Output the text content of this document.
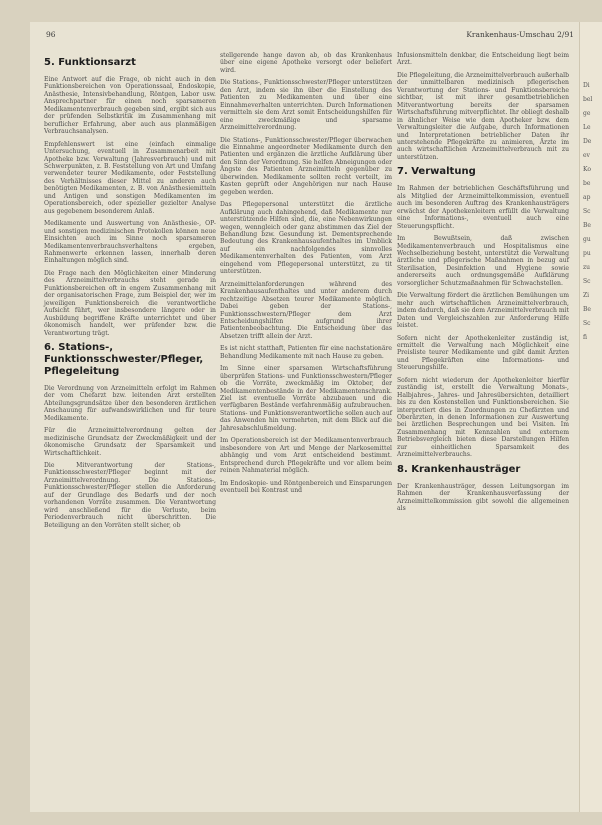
96	Krankenhaus-Umschau 2/91
5. Funktionsarzt

Eine Antwort auf die Frage, ob nicht auch in den Funktionsbereichen von Operationssaal, Endoskopie, Anästhesie, Intensivbehandlung, Röntgen, Labor usw. Ansprechpartner für einen noch sparsameren Medikamentenverbrauch gegeben sind, ergibt sich aus der prüfenden Selbstkritik im Zusammenhang mit beruflicher Erfahrung, aber auch aus planmäßigen Verbrauchsanalysen.

Empfehlenswert ist eine (einfach einmalige Untersuchung, eventuell in Zusammenarbeit mit Apotheke bzw. Verwaltung (Jahresverbrauch) und mit Schwerpunkten, z. B. Feststellung von Art und Umfang verwendeter teurer Medikamente, oder Feststellung des Verhältnisses dieser Mittel zu anderen auch benötigten Medikamenten, z. B. von Anästhesiemitteln und Antigen und sonstigen Medikamenten im Operationsbereich, oder spezieller gezielter Analyse aus gegebenem besonderem Anlaß.

Medikamente und Auswertung von Anästhesie-, OP- und sonstigen medizinischen Protokollen können neue Einsichten auch im Sinne noch sparsameren Medikamentenverbrauchsverhaltens ergeben, Rahmenwerte erkennen lassen, innerhalb deren Einhaltungen möglich sind.

Die Frage nach den Möglichkeiten einer Minderung des Arzneimittelverbrauchs steht gerade in Funktionsbereichen oft in engem Zusammenhang mit der organisatorischen Frage, zum Beispiel der, wer im jeweiligen Funktionsbereich die verantwortliche Aufsicht führt, wer insbesondere längere oder in Ausbildung begriffene Kräfte unterrichtet und über ökonomisch handelt, wer prüfender bzw. die Verantwortung trägt.

6. Stations-, Funktionsschwester/Pfleger, Pflegeleitung

Die Verordnung von Arzneimitteln erfolgt im Rahmen der vom Chefarzt bzw. leitenden Arzt erstellten Abteilungsgrundsätze über den besonderen ärztlichen Anschauung für aufwandswirklichen und für teure Medikamente.

Für die Arzneimittelverordnung gelten der medizinische Grundsatz der Zweckmäßigkeit und der ökonomische Grundsatz der Sparsamkeit und Wirtschaftlichkeit.

Die Mitverantwortung der Stations-, Funktionsschwester/Pfleger beginnt mit der Arzneimittelverordnung. Die Stations-, Funktionsschwester/Pfleger stellen die Anforderung auf der Grundlage des Bedarfs und der noch vorhandenen Vorräte zusammen. Die Verantwortung wird anschließend für die Verluste, beim Periodenverbrauch nicht überschritten. Die Beteiligung an den Vorräten stellt sicher, ob

stellgerende hange davon ab, ob das Krankenhaus über eine eigene Apotheke versorgt oder beliefert wird.

Die Stations-, Funktionsschwester/Pfleger unterstützen den Arzt, indem sie ihn über die Einstellung des Patienten zu Medikamenten und über eine Einnahmeverhalten unterrichten. Durch Informationen vermitteln sie dem Arzt somit Entscheidungshilfen für eine zweckmäßige und sparsame Arzneimittelverordnung.

Die Stations-, Funktionsschwester/Pfleger überwachen die Einnahme angeordneter Medikamente durch den Patienten und ergänzen die ärztliche Aufklärung über den Sinn der Verordnung. Sie helfen Abneigungen oder Ängste des Patienten Arzneimitteln gegenüber zu überwinden. Medikamente sollten recht verteilt, im Kasten geprüft oder Angehörigen nur nach Hause gegeben werden.

Das Pflegepersonal unterstützt die ärztliche Aufklärung auch dahingehend, daß Medikamente nur unterstützende Hilfen sind, die, eine Nebenwirkungen wegen, wenngleich oder ganz abstimmen das Ziel der Behandlung bzw. Gesundung ist. Dementsprechende Bedeutung des Krankenhausaufenthaltes im Umblick auf ein nachfolgendes sinnvolles Medikamentenverhalten des Patienten, vom Arzt eingehend vom Pflegepersonal unterstützt, zu tit unterstützen.

Arzneimittelanforderungen während des Krankenhausaufenthaltes und unter anderem durch rechtzeitige Absetzen teurer Medikamente möglich. Dabei geben der Stations-, Funktionsschwestern/Pfleger dem Arzt Entscheidungshilfen aufgrund ihrer Patientenbeobachtung. Die Entscheidung über das Absetzen trifft allein der Arzt.

Es ist nicht statthaft, Patienten für eine nachstationäre Behandlung Medikamente mit nach Hause zu geben.

Im Sinne einer sparsamen Wirtschaftsführung überprüfen Stations- und Funktionsschwestern/Pfleger ob die Vorräte, zweckmäßig im Oktober, der Medikamentenbestände in der Medikamentenschrank. Ziel ist eventuelle Vorräte abzubauen und die verfügbaren Bestände verfahrenmäßig aufzubrauchen. Stations- und Funktionsverantwortliche sollen auch auf das Anwenden hin vermehrten, mit dem Blick auf die Jahresabschlußmeldung.

Im Operationsbereich ist der Medikamentenverbrauch insbesondere von Art und Menge der Narkosemittel abhängig und vom Arzt entscheidend bestimmt. Entsprechend durch Pflegekräfte und vor allem beim reinen Nahmaterial möglich.

Im Endoskopie- und Röntgenbereich und Einsparungen eventuell bei Kontrast und

Infusionsmitteln denkbar, die Entscheidung liegt beim Arzt.

Die Pflegeleitung, die Arzneimittelverbrauch außerhalb der unmittelbaren medizinisch pflegerischen Verantwortung der Stations- und Funktionsbereiche sichtbar, ist mit ihrer gesamtbetrieblichen Mitverantwortung bereits der sparsamen Wirtschaftsführung mitverpflichtet. Ihr obliegt deshalb in ähnlicher Weise wie dem Apotheker bzw. dem Verwaltungsleiter die Aufgabe, durch Informationen und Interpretationen betrieblicher Daten ihr unterstehende Pflegekräfte zu animieren, Ärzte im auch wirtschaftlichen Arzneimittelverbrauch mit zu unterstützen.

7. Verwaltung

Im Rahmen der betrieblichen Geschäftsführung und als Mitglied der Arzneimittelkommission, eventuell auch im besonderen Auftrag des Krankenhausträgers erwächst der Apothekenleitern erfüllt die Verwaltung eine Informations-, eventuell auch eine Steuerungspflicht.

Im Bewußtsein, daß zwischen Medikamentenverbrauch und Hospitalismus eine Wechselbeziehung besteht, unterstützt die Verwaltung ärztliche und pflegerische Maßnahmen in bezug auf Sterilisation, Desinfektion und Hygiene sowie andererseits auch ordnungsgemäße Aufklärung vorsorglicher Schutzmaßnahmen für Schwachstellen.

Die Verwaltung fördert die ärztlichen Bemühungen um mehr auch wirtschaftlichen Arzneimittelverbrauch, indem dadurch, daß sie dem Arzneimittelverbrauch mit Daten und Vergleichszahlen zur Anforderung Hilfe leistet.

Sofern nicht der Apothekenleiter zuständig ist, ermittelt die Verwaltung nach Möglichkeit eine Preisliste teurer Medikamente und gibt damit Ärzten und Pflegekräften eine Informations- und Steuerungshilfe.

Sofern nicht wiederum der Apothekenleiter hierfür zuständig ist, erstellt die Verwaltung Monats-, Halbjahres-, Jahres- und Jahresübersichten, detailliert bis zu den Kostenstellen und Funktionsbereichen. Sie interpretiert dies in Zuordnungen zu Chefärzten und Oberärzten, in denen Informationen zur Auswertung bei ärztlichen Besprechungen und bei Visiten. Im Zusammenhang mit Kennzahlen und externem Betriebsvergleich bieten diese Darstellungen Hilfen zur einheitlichen Sparsamkeit des Arzneimittelverbrauchs.

8. Krankenhausträger

Der Krankenhausträger, dessen Leitungsorgan im Rahmen der Krankenhausverfassung der Arzneimittelkommission gibt sowohl die allgemeinen als

Di
bel
ge
Le
De
ev
Ko
be
ap
Sc
Be
gu
pu
zu
Sc
Zi
Be
Sc
fi
